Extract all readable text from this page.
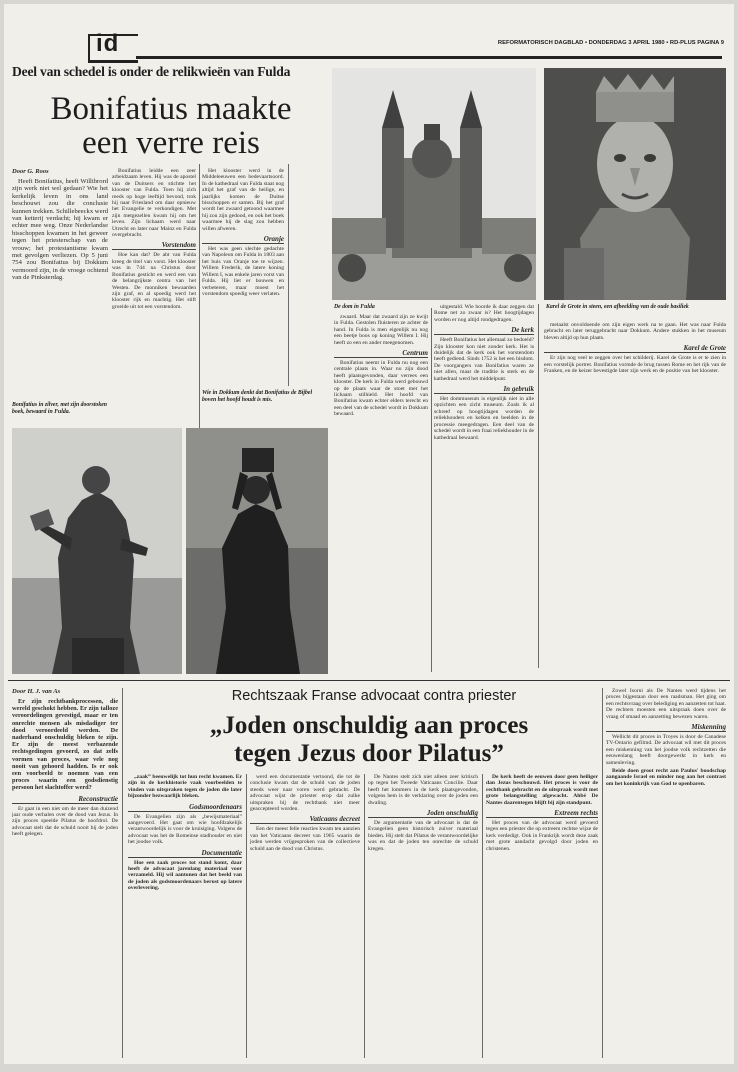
id	REFORMATORISCH DAGBLAD • DONDERDAG 3 APRIL 1980 • RD-PLUS PAGINA 9
Deel van schedel is onder de relikwieën van Fulda
Bonifatius maakte
een verre reis
Door G. Roos

Heeft Bonifatius, heeft Willibrord zijn werk niet wel gedaan? Wie het kerkelijk leven in ons land beschouwt zou die conclusie kunnen trekken. Schillebeeckx werd van ketterij verdacht; hij kwam er echter mee weg. Onze Nederlandse bisschoppen kwamen in het geweer tegen het priesterschap van de vrouw; het protestantisme kwam met gevolgen verliezen. Op 5 juni 754 zou Bonifatius bij Dokkum vermoord zijn, in de vroege ochtend van de Pinksterdag.

Bonifatius in zilver, met zijn doorstoken boek, bewaard in Fulda.

Bonifatius leidde een zeer arbeidzaam leven. Hij was de apostel van de Duitsers en stichtte het klooster van Fulda. Toen hij zich reeds op hoge leeftijd bevond, trok hij naar Friesland om daar opnieuw het Evangelie te verkondigen. Met zijn metgezellen kwam hij om het leven. Zijn lichaam werd naar Utrecht en later naar Mainz en Fulda overgebracht.

Vorstendom

Hoe kan dat? De abt van Fulda kreeg de titel van vorst. Het klooster was in 744 na Christus door Bonifatius gesticht en werd een van de belangrijkste centra van het Westen. De monniken bewaarden zijn graf, en al spoedig werd het klooster rijk en machtig. Het stift groeide uit tot een vorstendom.

Het klooster werd in de Middeleeuwen een bedevaartsoord. In de kathedraal van Fulda staat nog altijd het graf van de heilige, en jaarlijks komen de Duitse bisschoppen er samen. Bij het graf wordt het zwaard getoond waarmee hij zou zijn gedood, en ook het boek waarmee hij de slag zou hebben willen afweren.

Oranje

Het was geen slechte gedachte van Napoleon om Fulda in 1803 aan het huis van Oranje toe te wijzen. Willem Frederik, de latere koning Willem I, was enkele jaren vorst van Fulda. Hij liet er bouwen en verbeteren, maar moest het vorstendom spoedig weer verlaten.

Wie in Dokkum denkt dat Bonifatius de Bijbel boven het hoofd houdt is mis.
De dom in Fulda

zwaard. Maar dat zwaard zijn ze kwijt in Fulda. Gestolen fluisteren ze achter de hand. In Fulda is men eigenlijk nu nog een beetje boos op koning Willem I. Hij heeft zo een en ander meegenomen.

Centrum

Bonifatius neemt in Fulda nu nog een centrale plaats in. Waar nu zijn dood heeft plaatsgevonden, daar verrees een klooster. De kerk in Fulda werd gebouwd op de plaats waar de stoet met het lichaam stilhield. Het hoofd van Bonifatius kwam echter elders terecht en een deel van de schedel wordt in Dokkum bewaard.

uitgestald. Wie hoorde ik daar zeggen dat Rome net zo zwaar is? Het hoogtijdagen worden er nog altijd rondgedragen.

De kerk

Heeft Bonifatius het allemaal zo bedoeld? Zijn klooster kon niet zonder kerk. Het is duidelijk dat de kerk ook het vorstendom heeft gediend. Sinds 1752 is het een bisdom. De voorgangers van Bonifatius waren ze niet allen, maar de traditie is sterk en de kathedraal werd het middelpunt.

In gebruik

Het dommuseum is eigenlijk niet in alle opzichten een zicht museum. Zoals ik al schreef op hoogtijdagen worden de reliekhouders en kelken en beelden in de processie meegedragen. Een deel van de schedel wordt in een fraai reliekhouder in de kathedraal bewaard.

Karel de Grote in steen, een afbeelding van de oude basiliek

metaalst onvoldoende om zijn eigen werk na te gaan. Het was naar Fulda gebracht en later teruggebracht naar Dokkum. Andere stukken in het museum bleven altijd op hun plaats.

Karel de Grote

Er zijn nog veel te zeggen over het schilderij. Karel de Grote is er te zien in een vorstelijk portret. Bonifatius vormde de brug tussen Rome en het rijk van de Franken, en de keizer bevestigde later zijn werk en de positie van het klooster.

Door H. J. van As

Er zijn rechtbankprocessen, die wereld geschokt hebben. Er zijn talloze veroordelingen gevestigd, maar er ten onrechte mensen als misdadiger ter dood veroordeeld werden. De naderhand onschuldig bleken te zijn. Er zijn de meest verbazende rechtsgedingen gevoerd, zo dat zelfs vormen van proces, waar vele nog nooit van gehoord hadden. Is er ook een voorbeeld te noemen van een proces waarin een godsdienstig persoon het slachtoffer werd?

Reconstructie

Er gaat in een niet om de meer dan duizend jaar oude verhalen over de dood van Jezus. In zijn proces speelde Pilatus de hoofdrol. De advocaat stelt dat de schuld nooit bij de joden heeft gelegen.

Rechtszaak Franse advocaat contra priester
„Joden onschuldig aan proces
tegen Jezus door Pilatus”

„zaak” beeuwelijk tot hun recht kwamen. Er zijn in de kerkhistorie vaak voorbeelden te vinden van uitspraken tegen de joden die later bijzonder bezwaarlijk bleken.

Godsmoordenaars

De Evangelien zijn als „bewijsmateriaal” aangevoerd. Het gaat om wie hoofdzakelijk verantwoordelijk is voor de kruisiging. Volgens de advocaat was het de Romeinse stadhouder en niet het joodse volk.

Documentatie

Hoe een zaak proces tot stand komt, daar heeft de advocaat jarenlang materiaal voor verzameld. Hij wil aantonen dat het beeld van de joden als godsmoordenaars berust op latere overlevering.

werd een documentatie vertoond, die tot de conclusie kwam dat de schuld van de joden steeds weer naar voren werd gebracht. De advocaat wijst de priester erop dat zulke uitspraken bij de rechtbank niet meer geaccepteerd worden.

Vaticaans decreet

Een der meest felle reacties kwam ten aanzien van het Vaticaans decreet van 1965 waarin de joden werden vrijgesproken van de collectieve schuld aan de dood van Christus.

De Nantes stelt zich niet alleen zeer kritisch op tegen het Tweede Vaticaans Concilie. Daar heeft het lommers in de kerk plaatsgevonden, volgens hem is de verklaring over de joden een dwaling.

Joden onschuldig

De argumentatie van de advocaat is dat de Evangelien geen historisch zuiver materiaal bieden. Hij stelt dat Pilatus de verantwoordelijke was en dat de joden ten onrechte de schuld kregen.

De kerk heeft de eeuwen door geen heiliger dan Jezus beschouwd. Het proces is voor de rechtbank gebracht en de uitspraak wordt met grote belangstelling afgewacht. Ahbé De Nantes daarentegen blijft bij zijn standpunt.

Extreem rechts

Het proces van de advocaat werd gevoerd tegen een priester die op extreem rechtse wijze de kerk verdedigt. Ook in Frankrijk wordt deze zaak met grote aandacht gevolgd door joden en christenen.

Zowel Isorni als De Nantes werd tijdens het proces bijgestaan door een raadsman. Het ging om een rechtsvraag over belediging en aanzetten tot haat. De rechters moesten een uitspraak doen over de vraag of smaad en aanzetting bewezen waren.

Miskenning

Wellicht dit proces in Troyes is door de Canadese TV-Ontario gefilmd. De advocaat wil met dit proces een miskenning van het joodse volk rechtzetten die eeuwenlang heeft doorgewerkt in kerk en samenleving.

Beide doen groot recht aan Paulus' boodschap aangaande Israel en minder nog aan het contrast om het koninkrijk van God te openbaren.
